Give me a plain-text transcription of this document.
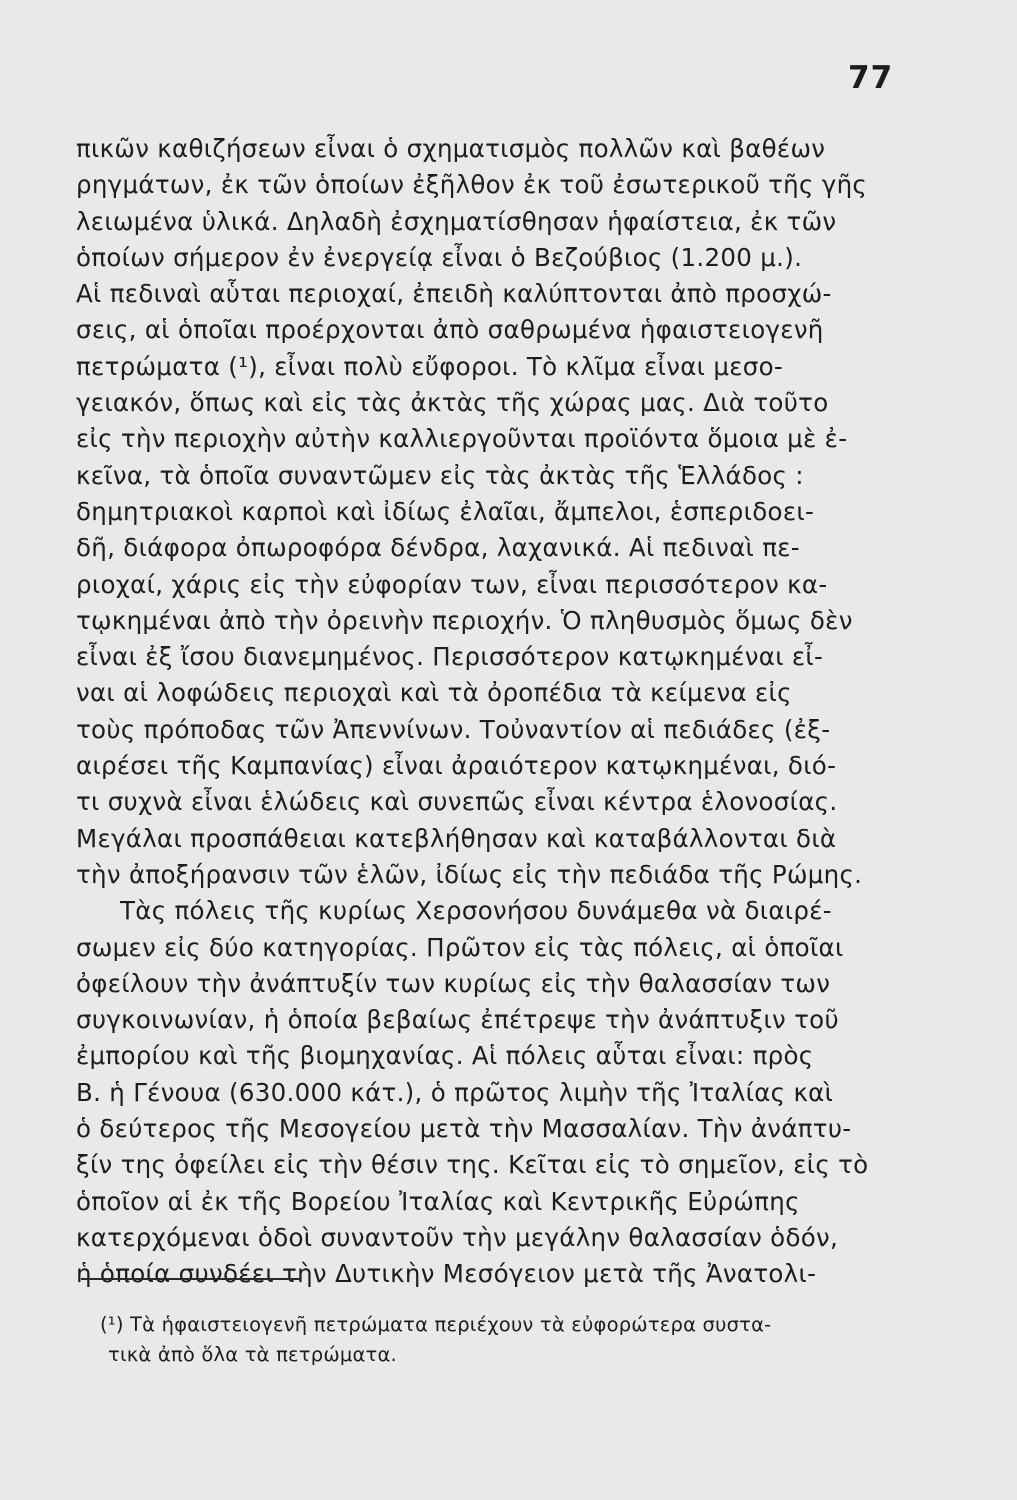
77
πικῶν καθιζήσεων εἶναι ὁ σχηματισμὸς πολλῶν καὶ βαθέων
ρηγμάτων, ἐκ τῶν ὁποίων ἐξῆλθον ἐκ τοῦ ἐσωτερικοῦ τῆς γῆς
λειωμένα ὑλικά. Δηλαδὴ ἐσχηματίσθησαν ἡφαίστεια, ἐκ τῶν
ὁποίων σήμερον ἐν ἐνεργείᾳ εἶναι ὁ Βεζούβιος (1.200 μ.).
Αἱ πεδιναὶ αὗται περιοχαί, ἐπειδὴ καλύπτονται ἀπὸ προσχώ-
σεις, αἱ ὁποῖαι προέρχονται ἀπὸ σαθρωμένα ἡφαιστειογενῆ
πετρώματα (¹), εἶναι πολὺ εὔφοροι. Τὸ κλῖμα εἶναι μεσο-
γειακόν, ὅπως καὶ εἰς τὰς ἀκτὰς τῆς χώρας μας. Διὰ τοῦτο
εἰς τὴν περιοχὴν αὐτὴν καλλιεργοῦνται προϊόντα ὅμοια μὲ ἐ-
κεῖνα, τὰ ὁποῖα συναντῶμεν εἰς τὰς ἀκτὰς τῆς Ἑλλάδος :
δημητριακοὶ καρποὶ καὶ ἰδίως ἐλαῖαι, ἄμπελοι, ἑσπεριδοει-
δῆ, διάφορα ὀπωροφόρα δένδρα, λαχανικά. Αἱ πεδιναὶ πε-
ριοχαί, χάρις εἰς τὴν εὐφορίαν των, εἶναι περισσότερον κα-
τῳκημέναι ἀπὸ τὴν ὀρεινὴν περιοχήν. Ὁ πληθυσμὸς ὅμως δὲν
εἶναι ἐξ ἴσου διανεμημένος. Περισσότερον κατῳκημέναι εἶ-
ναι αἱ λοφώδεις περιοχαὶ καὶ τὰ ὀροπέδια τὰ κείμενα εἰς
τοὺς πρόποδας τῶν Ἀπεννίνων. Τοὐναντίον αἱ πεδιάδες (ἐξ-
αιρέσει τῆς Καμπανίας) εἶναι ἀραιότερον κατῳκημέναι, διό-
τι συχνὰ εἶναι ἑλώδεις καὶ συνεπῶς εἶναι κέντρα ἑλονοσίας.
Μεγάλαι προσπάθειαι κατεβλήθησαν καὶ καταβάλλονται διὰ
τὴν ἀποξήρανσιν τῶν ἑλῶν, ἰδίως εἰς τὴν πεδιάδα τῆς Ρώμης.
Τὰς πόλεις τῆς κυρίως Χερσονήσου δυνάμεθα νὰ διαιρέ-
σωμεν εἰς δύο κατηγορίας. Πρῶτον εἰς τὰς πόλεις, αἱ ὁποῖαι
ὀφείλουν τὴν ἀνάπτυξίν των κυρίως εἰς τὴν θαλασσίαν των
συγκοινωνίαν, ἡ ὁποία βεβαίως ἐπέτρεψε τὴν ἀνάπτυξιν τοῦ
ἐμπορίου καὶ τῆς βιομηχανίας. Αἱ πόλεις αὗται εἶναι: πρὸς
Β. ἡ Γένουα (630.000 κάτ.), ὁ πρῶτος λιμὴν τῆς Ἰταλίας καὶ
ὁ δεύτερος τῆς Μεσογείου μετὰ τὴν Μασσαλίαν. Τὴν ἀνάπτυ-
ξίν της ὀφείλει εἰς τὴν θέσιν της. Κεῖται εἰς τὸ σημεῖον, εἰς τὸ
ὁποῖον αἱ ἐκ τῆς Βορείου Ἰταλίας καὶ Κεντρικῆς Εὐρώπης
κατερχόμεναι ὁδοὶ συναντοῦν τὴν μεγάλην θαλασσίαν ὁδόν,
ἡ ὁποία συνδέει τὴν Δυτικὴν Μεσόγειον μετὰ τῆς Ἀνατολι-
(¹) Τὰ ἡφαιστειογενῆ πετρώματα περιέχουν τὰ εὐφορώτερα συστα-
τικὰ ἀπὸ ὅλα τὰ πετρώματα.
